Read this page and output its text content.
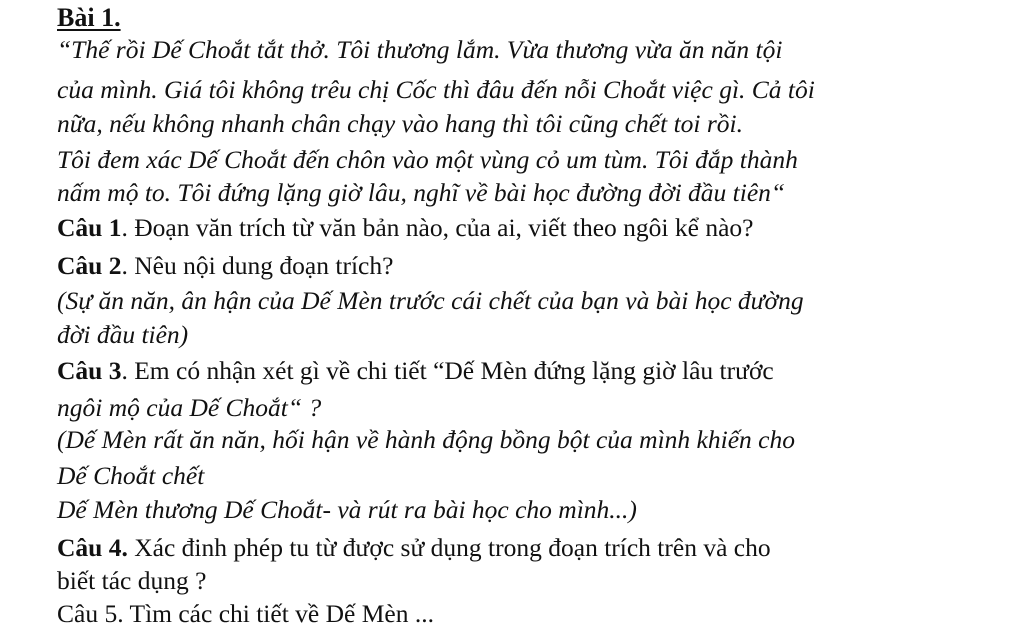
Bài 1.
“Thế rồi Dế Choắt tắt thở. Tôi thương lắm. Vừa thương vừa ăn năn tội
của mình. Giá tôi không trêu chị Cốc thì đâu đến nỗi Choắt việc gì. Cả tôi
nữa, nếu không nhanh chân chạy vào hang thì tôi cũng chết toi rồi.
Tôi đem xác Dế Choắt đến chôn vào một vùng cỏ um tùm. Tôi đắp thành
nấm mộ to. Tôi đứng lặng giờ lâu, nghĩ về bài học đường đời đầu tiên“
Câu 1. Đoạn văn trích từ văn bản nào, của ai, viết theo ngôi kể nào?
Câu 2. Nêu nội dung đoạn trích?
(Sự ăn năn, ân hận của Dế Mèn trước cái chết của bạn và bài học đường
đời đầu tiên)
Câu 3. Em có nhận xét gì về chi tiết “Dế Mèn đứng lặng giờ lâu trước
ngôi mộ của Dế Choắt“ ?
(Dế Mèn rất ăn năn, hối hận về hành động bồng bột của mình khiến cho
Dế Choắt chết
Dế Mèn thương Dế Choắt- và rút ra bài học cho mình...)
Câu 4. Xác đinh phép tu từ được sử dụng trong đoạn trích trên và cho
biết tác dụng ?
Câu 5. Tìm các chi tiết về Dế Mèn ...
